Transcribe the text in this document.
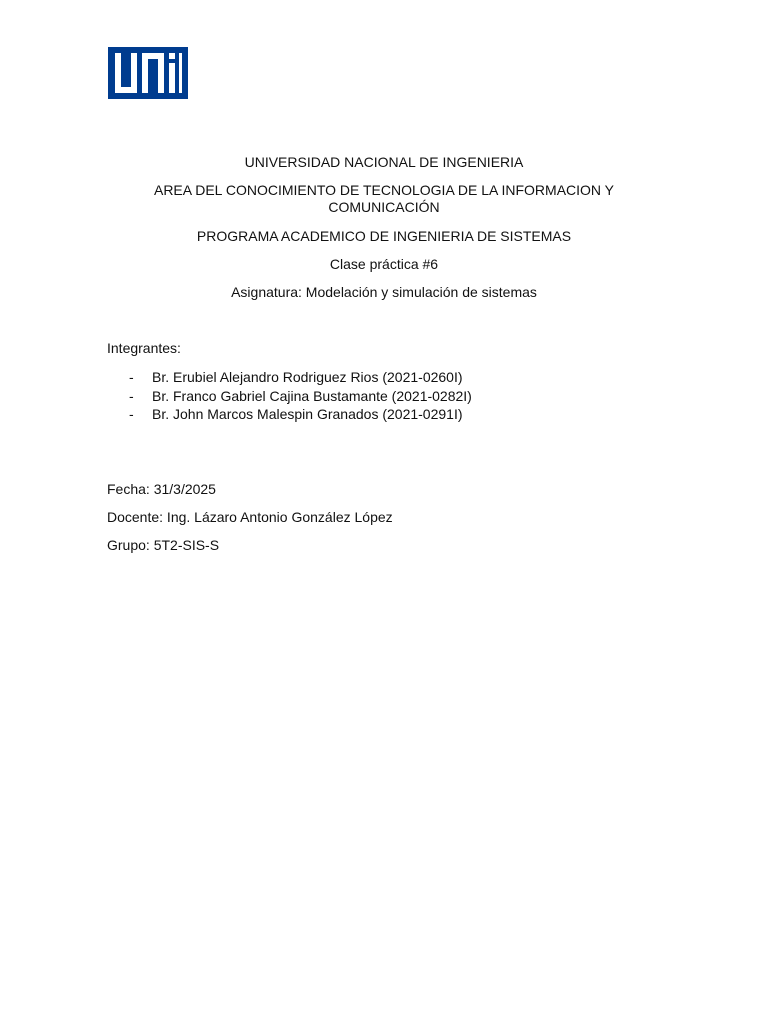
UNIVERSIDAD NACIONAL DE INGENIERIA
AREA DEL CONOCIMIENTO DE TECNOLOGIA DE LA INFORMACION Y COMUNICACIÓN
PROGRAMA ACADEMICO DE INGENIERIA DE SISTEMAS
Clase práctica #6
Asignatura: Modelación y simulación de sistemas
Integrantes:
- Br. Erubiel Alejandro Rodriguez Rios (2021-0260I)
- Br. Franco Gabriel Cajina Bustamante (2021-0282I)
- Br. John Marcos Malespin Granados (2021-0291I)
Fecha: 31/3/2025
Docente: Ing. Lázaro Antonio González López
Grupo: 5T2-SIS-S
